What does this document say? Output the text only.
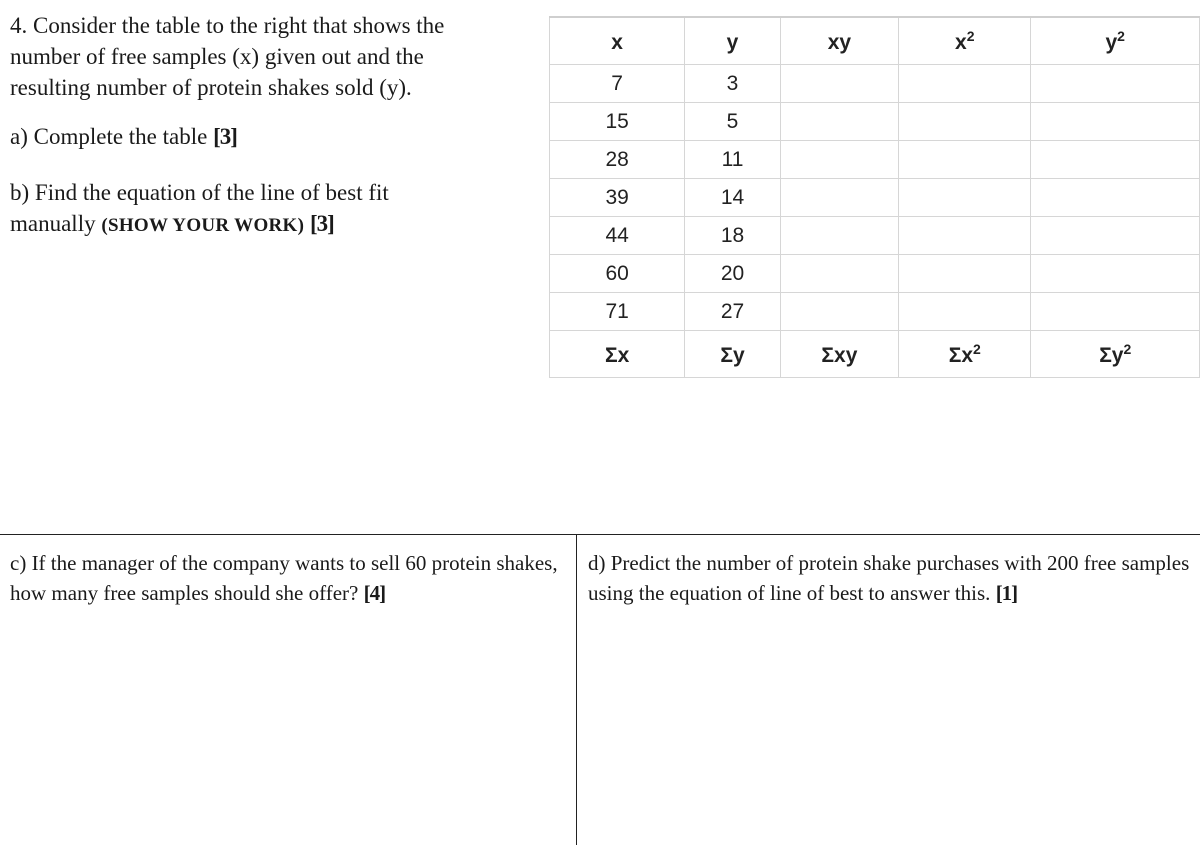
4. Consider the table to the right that shows the number of free samples (x) given out and the resulting number of protein shakes sold (y).

a) Complete the table [3]

b) Find the equation of the line of best fit manually (SHOW YOUR WORK) [3]

x	y	xy	$x^2$	$y^2$
7	3			
15	5			
28	11			
39	14			
44	18			
60	20			
71	27			
Σx	Σy	Σxy	$\Sigma x^2$	$\Sigma y^2$

c) If the manager of the company wants to sell 60 protein shakes, how many free samples should she offer? [4]

d) Predict the number of protein shake purchases with 200 free samples using the equation of line of best to answer this. [1]
